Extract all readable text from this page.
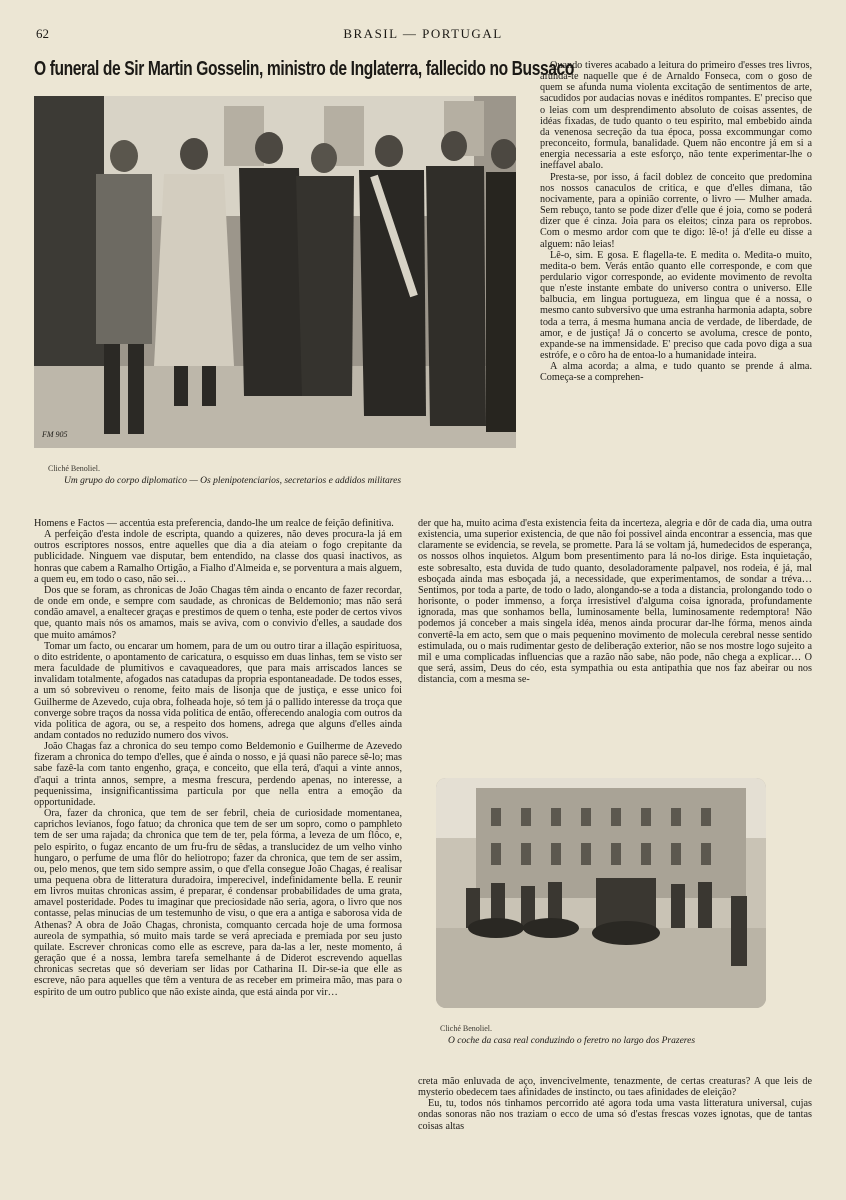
62	BRASIL — PORTUGAL
O funeral de Sir Martin Gosselin, ministro de Inglaterra, fallecido no Bussaco
FM 905
Cliché Benoliel.
Um grupo do corpo diplomatico — Os plenipotenciarios, secretarios e addidos militares

Quando tiveres acabado a leitura do primeiro d'esses tres livros, afunda-te naquelle que é de Arnaldo Fonseca, com o goso de quem se afunda numa violenta excitação de sentimentos de arte, sacudidos por audacias novas e inéditos rompantes. E' preciso que o leias com um desprendimento absoluto de coisas assentes, de idéas fixadas, de tudo quanto o teu espirito, mal embebido ainda da venenosa secreção da tua época, possa excommungar como preconceito, formula, banalidade. Quem não encontre já em si a energia necessaria a este esforço, não tente experimentar-lhe o ineffavel abalo.

Presta-se, por isso, á facil doblez de conceito que predomina nos nossos canaculos de critica, e que d'elles dimana, tão nocivamente, para a opinião corrente, o livro — Mulher amada. Sem rebuço, tanto se pode dizer d'elle que é joia, como se poderá dizer que é cinza. Joia para os eleitos; cinza para os reprobos. Com o mesmo ardor com que te digo: lê-o! já d'elle eu disse a alguem: não leias!

Lê-o, sim. E gosa. E flagella-te. E medita o. Medita-o muito, medita-o bem. Verás então quanto elle corresponde, e com que perdulario vigor corresponde, ao evidente movimento de revolta que n'este instante embate do universo contra o universo. Elle balbucia, em lingua portugueza, em lingua que é a nossa, o mesmo canto subversivo que uma estranha harmonia adapta, sobre toda a terra, á mesma humana ancia de verdade, de liberdade, de amor, e de justiça! Já o concerto se avoluma, cresce de ponto, expande-se na immensidade. E' preciso que cada povo diga a sua estrófe, e o côro ha de entoa-lo a humanidade inteira.

A alma acorda; a alma, e tudo quanto se prende á alma. Começa-se a comprehen-

Homens e Factos — accentúa esta preferencia, dando-lhe um realce de feição definitiva.

A perfeição d'esta indole de escripta, quando a quizeres, não deves procura-la já em outros escriptores nossos, entre aquelles que dia a dia ateiam o fogo crepitante da publicidade. Ninguem vae disputar, bem entendido, na classe dos quasi inactivos, as honras que cabem a Ramalho Ortigão, a Fialho d'Almeida e, se porventura a mais alguem, a quem eu, em todo o caso, não sei…

Dos que se foram, as chronicas de João Chagas têm ainda o encanto de fazer recordar, de onde em onde, e sempre com saudade, as chronicas de Beldemonio; mas não será condão amavel, a enaltecer graças e prestimos de quem o tenha, este poder de certos vivos que, quanto mais nós os amamos, mais se aviva, com o convivio d'elles, a saudade dos que muito amámos?

Tomar um facto, ou encarar um homem, para de um ou outro tirar a illação espirituosa, o dito estridente, o apontamento de caricatura, o esquisso em duas linhas, tem se visto ser mera faculdade de plumitivos e cavaqueadores, que para mais arriscados lances se invalidam totalmente, afogados nas catadupas da propria espontaneadade. De todos esses, a um só sobreviveu o renome, feito mais de lisonja que de justiça, e esse unico foi Guilherme de Azevedo, cuja obra, folheada hoje, só tem já o pallido interesse da troça que converge sobre traços da nossa vida politica de então, offerecendo analogia com outros da vida politica de agora, ou se, a respeito dos homens, adrega que alguns d'elles ainda andam contados no reduzido numero dos vivos.

João Chagas faz a chronica do seu tempo como Beldemonio e Guilherme de Azevedo fizeram a chronica do tempo d'elles, que é ainda o nosso, e já quasi não parece sê-lo; mas sabe fazê-la com tanto engenho, graça, e conceito, que ella terá, d'aqui a vinte annos, d'aqui a trinta annos, sempre, a mesma frescura, perdendo apenas, no interesse, a pequenissima, insignificantissima particula por que nella entra a emoção da opportunidade.

Ora, fazer da chronica, que tem de ser febril, cheia de curiosidade momentanea, caprichos levianos, fogo fatuo; da chronica que tem de ser um sopro, como o pamphleto tem de ser uma rajada; da chronica que tem de ter, pela fórma, a leveza de um flôco, e, pelo espirito, o fugaz encanto de um fru-fru de sêdas, a translucidez de um velho vinho hungaro, o perfume de uma flôr do heliotropo; fazer da chronica, que tem de ser assim, ou, pelo menos, que tem sido sempre assim, o que d'ella consegue João Chagas, é realisar uma pequena obra de litteratura duradoira, imperecivel, indefinidamente bella. E reunir em livros muitas chronicas assim, é preparar, é condensar probabilidades de uma grata, amavel posteridade. Podes tu imaginar que preciosidade não seria, agora, o livro que nos contasse, pelas minucias de um testemunho de visu, o que era a antiga e saborosa vida de Athenas? A obra de João Chagas, chronista, comquanto cercada hoje de uma formosa aureola de sympathia, só muito mais tarde se verá apreciada e premiada por seu justo quilate. Escrever chronicas como elle as escreve, para da-las a ler, neste momento, á geração que é a nossa, lembra tarefa semelhante á de Diderot escrevendo aquellas chronicas secretas que só deveriam ser lidas por Catharina II. Dir-se-ia que elle as escreve, não para aquelles que têm a ventura de as receber em primeira mão, mas para o espirito de um outro publico que não existe ainda, que está ainda por vir…

der que ha, muito acima d'esta existencia feita da incerteza, alegria e dôr de cada dia, uma outra existencia, uma superior existencia, de que não foi possivel ainda encontrar a essencia, mas que claramente se evidencia, se revela, se promette. Para lá se voltam já, humedecidos de esperança, os nossos olhos inquietos. Algum bom presentimento para lá no-los dirige. Esta inquietação, este sobresalto, esta duvida de tudo quanto, desoladoramente palpavel, nos rodeia, é já, mal esboçada ainda mas esboçada já, a necessidade, que experimentamos, de sondar a tréva… Sentimos, por toda a parte, de todo o lado, alongando-se a toda a distancia, prolongando todo o horisonte, o poder immenso, a força irresistivel d'alguma coisa ignorada, profundamente ignorada, mas que sonhamos bella, luminosamente bella, luminosamente redemptora! Não podemos já conceber a mais singela idéa, menos ainda procurar dar-lhe fórma, menos ainda convertê-la em acto, sem que o mais pequenino movimento de molecula cerebral nesse sentido estimulada, ou o mais rudimentar gesto de deliberação exterior, não se nos mostre logo sujeito a mil e uma complicadas influencias que a razão não sabe, não pode, não chega a explicar… O que será, assim, Deus do céo, esta sympathia ou esta antipathia que nos faz abeirar ou nos distancia, com a mesma se-

Cliché Benoliel.
O coche da casa real conduzindo o feretro no largo dos Prazeres

creta mão enluvada de aço, invencivelmente, tenazmente, de certas creaturas? A que leis de mysterio obedecem taes afinidades de instincto, ou taes afinidades de eleição?

Eu, tu, todos nós tinhamos percorrido até agora toda uma vasta litteratura universal, cujas ondas sonoras não nos traziam o ecco de uma só d'estas frescas vozes ignotas, que de tantas coisas altas
